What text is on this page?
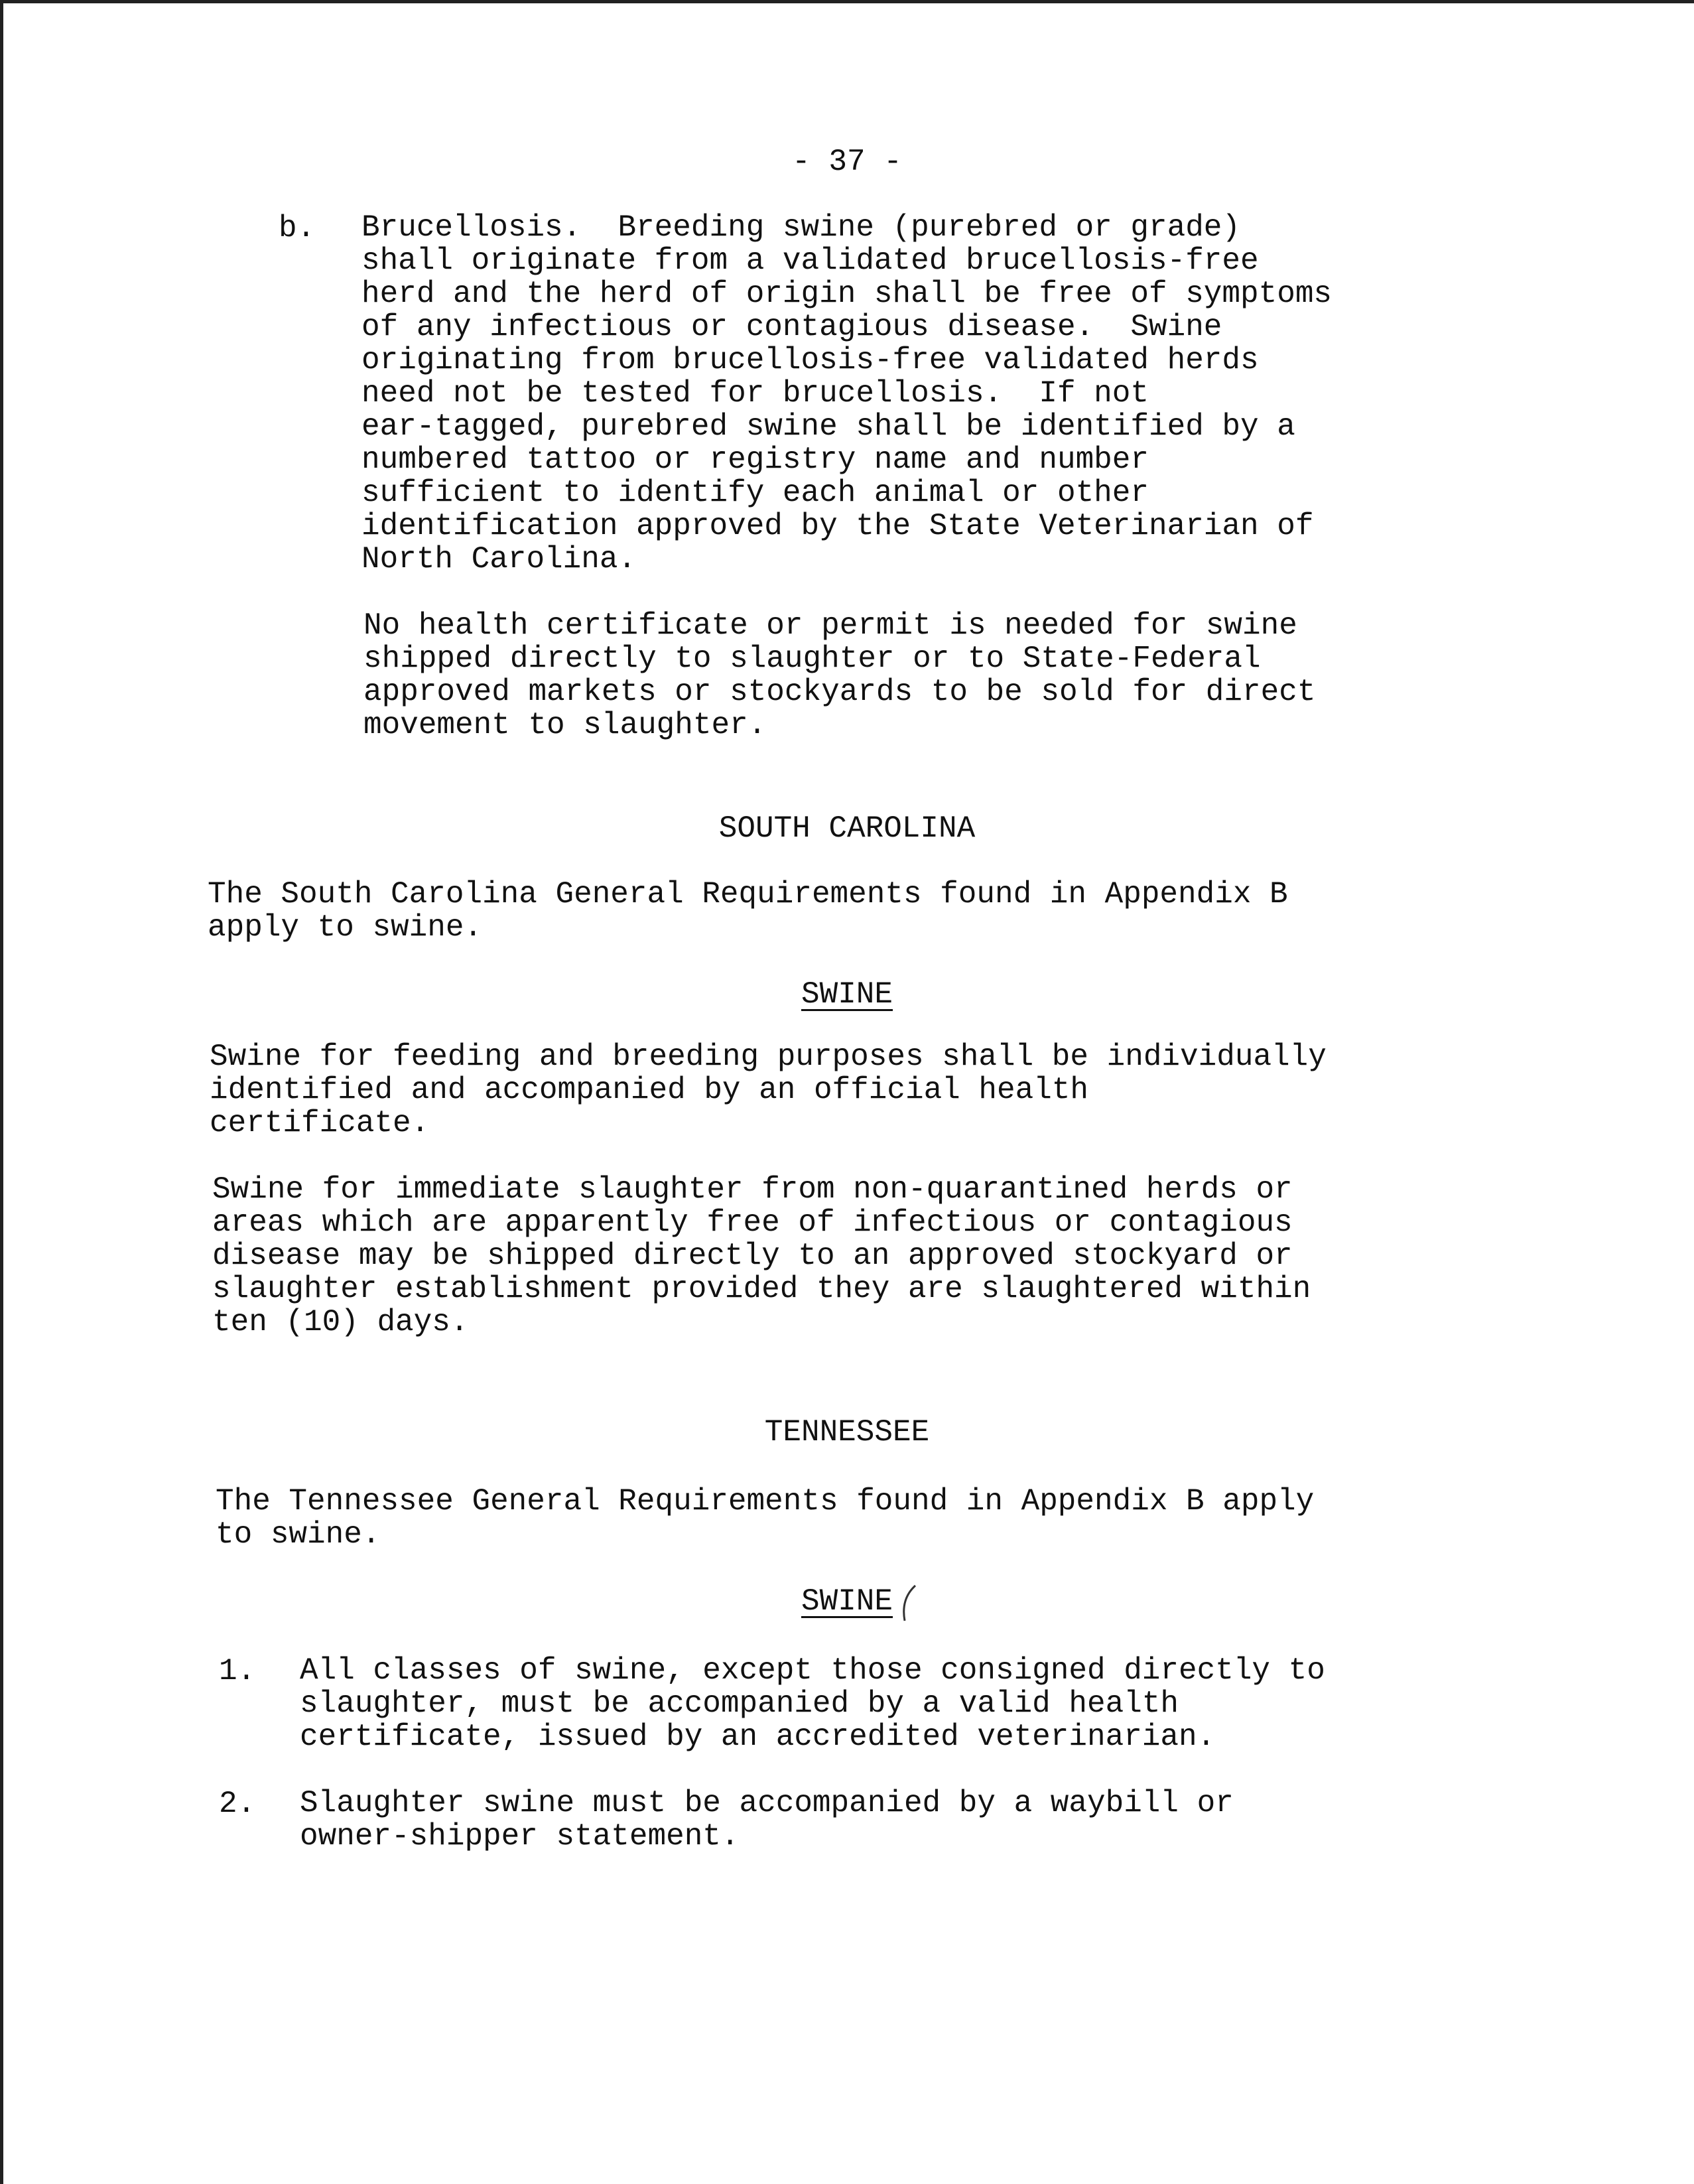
- 37 -
b. Brucellosis.  Breeding swine (purebred or grade)
shall originate from a validated brucellosis-free
herd and the herd of origin shall be free of symptoms
of any infectious or contagious disease.  Swine
originating from brucellosis-free validated herds
need not be tested for brucellosis.  If not
ear-tagged, purebred swine shall be identified by a
numbered tattoo or registry name and number
sufficient to identify each animal or other
identification approved by the State Veterinarian of
North Carolina.

No health certificate or permit is needed for swine
shipped directly to slaughter or to State-Federal
approved markets or stockyards to be sold for direct
movement to slaughter.

SOUTH CAROLINA

The South Carolina General Requirements found in Appendix B
apply to swine.

SWINE

Swine for feeding and breeding purposes shall be individually
identified and accompanied by an official health
certificate.

Swine for immediate slaughter from non-quarantined herds or
areas which are apparently free of infectious or contagious
disease may be shipped directly to an approved stockyard or
slaughter establishment provided they are slaughtered within
ten (10) days.

TENNESSEE

The Tennessee General Requirements found in Appendix B apply
to swine.

SWINE
1. All classes of swine, except those consigned directly to
slaughter, must be accompanied by a valid health
certificate, issued by an accredited veterinarian.

2. Slaughter swine must be accompanied by a waybill or
owner-shipper statement.
